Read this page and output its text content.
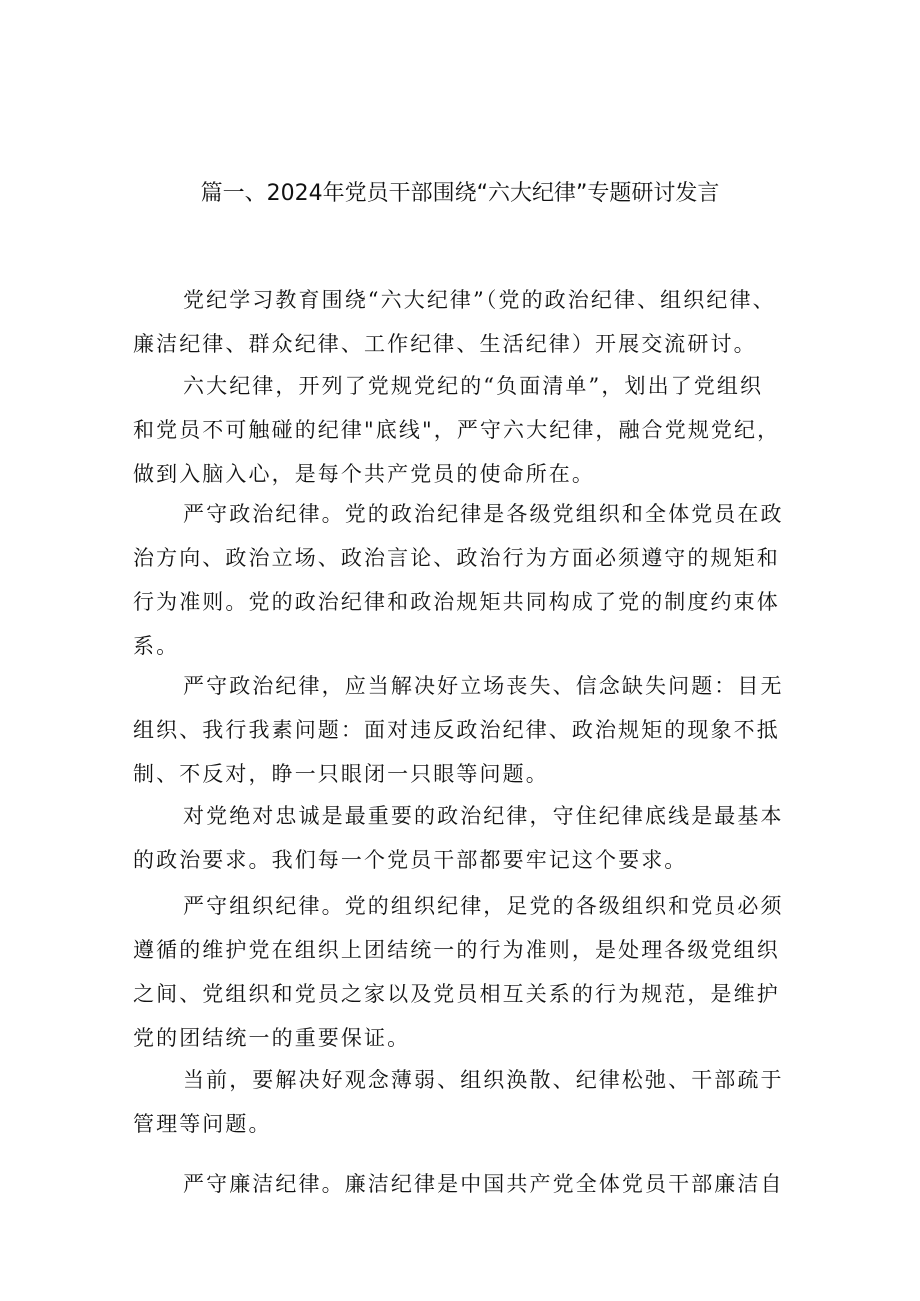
篇一、2024年党员干部围绕“六大纪律”专题研讨发言

党纪学习教育围绕“六大纪律”（党的政治纪律、组织纪律、
廉洁纪律、群众纪律、工作纪律、生活纪律）开展交流研讨。

六大纪律，开列了党规党纪的“负面清单”，划出了党组织
和党员不可触碰的纪律"底线"，严守六大纪律，融合党规党纪，
做到入脑入心，是每个共产党员的使命所在。

严守政治纪律。党的政治纪律是各级党组织和全体党员在政
治方向、政治立场、政治言论、政治行为方面必须遵守的规矩和
行为准则。党的政治纪律和政治规矩共同构成了党的制度约束体
系。

严守政治纪律，应当解决好立场丧失、信念缺失问题：目无
组织、我行我素问题：面对违反政治纪律、政治规矩的现象不抵
制、不反对，睁一只眼闭一只眼等问题。

对党绝对忠诚是最重要的政治纪律，守住纪律底线是最基本
的政治要求。我们每一个党员干部都要牢记这个要求。

严守组织纪律。党的组织纪律，足党的各级组织和党员必须
遵循的维护党在组织上团结统一的行为准则，是处理各级党组织
之间、党组织和党员之家以及党员相互关系的行为规范，是维护
党的团结统一的重要保证。

当前，要解决好观念薄弱、组织涣散、纪律松弛、干部疏于
管理等问题。

严守廉洁纪律。廉洁纪律是中国共产党全体党员干部廉洁自
